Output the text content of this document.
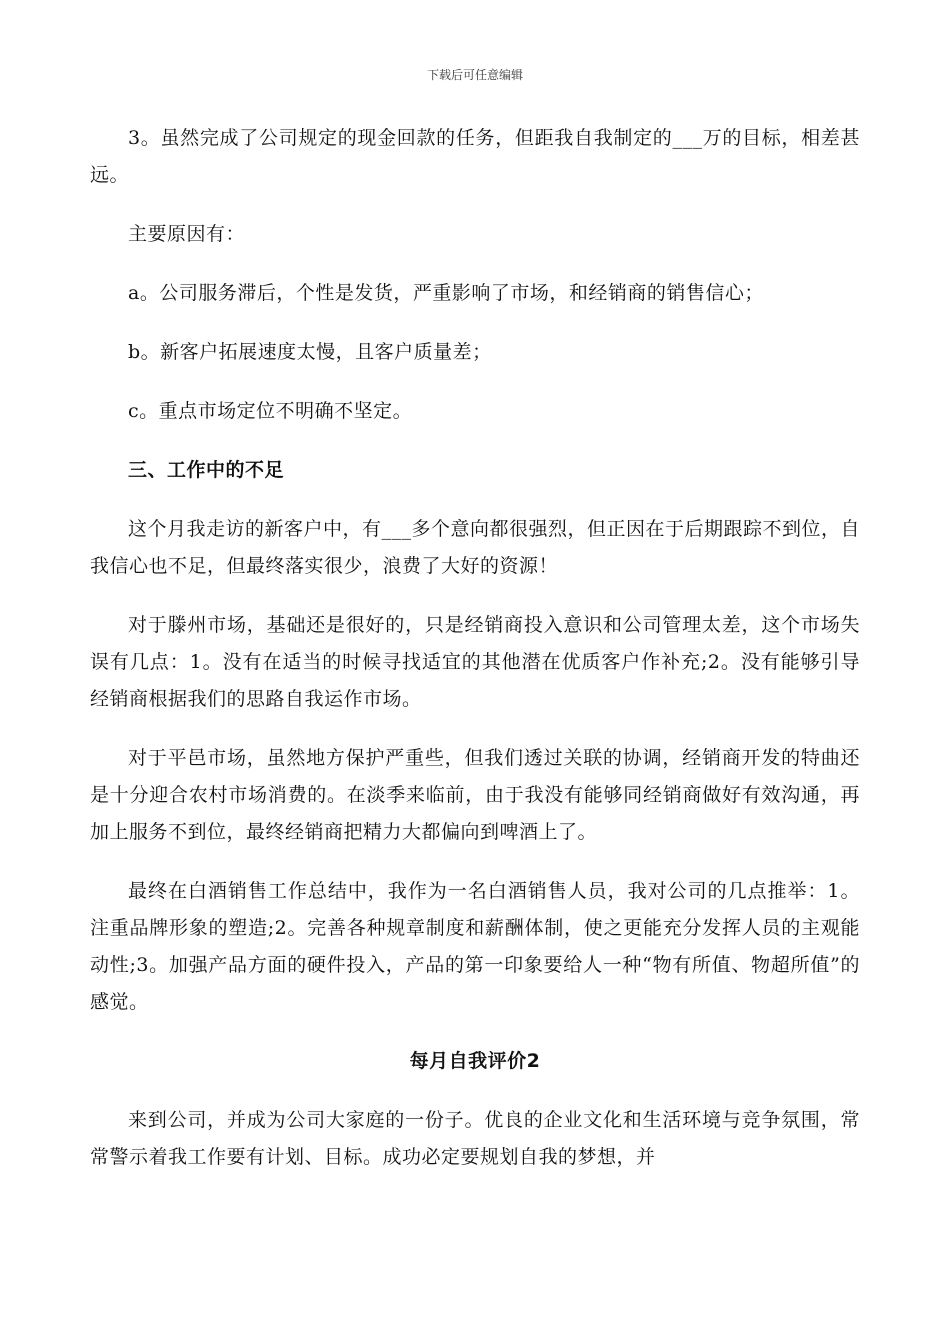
下载后可任意编辑

3。虽然完成了公司规定的现金回款的任务，但距我自我制定的___万的目标，相差甚远。

主要原因有：

a。公司服务滞后，个性是发货，严重影响了市场，和经销商的销售信心；

b。新客户拓展速度太慢，且客户质量差；

c。重点市场定位不明确不坚定。

三、工作中的不足

这个月我走访的新客户中，有___多个意向都很强烈，但正因在于后期跟踪不到位，自我信心也不足，但最终落实很少，浪费了大好的资源！

对于滕州市场，基础还是很好的，只是经销商投入意识和公司管理太差，这个市场失误有几点：1。没有在适当的时候寻找适宜的其他潜在优质客户作补充;2。没有能够引导经销商根据我们的思路自我运作市场。

对于平邑市场，虽然地方保护严重些，但我们透过关联的协调，经销商开发的特曲还是十分迎合农村市场消费的。在淡季来临前，由于我没有能够同经销商做好有效沟通，再加上服务不到位，最终经销商把精力大都偏向到啤酒上了。

最终在白酒销售工作总结中，我作为一名白酒销售人员，我对公司的几点推举：1。注重品牌形象的塑造;2。完善各种规章制度和薪酬体制，使之更能充分发挥人员的主观能动性;3。加强产品方面的硬件投入，产品的第一印象要给人一种“物有所值、物超所值”的感觉。

每月自我评价2

来到公司，并成为公司大家庭的一份子。优良的企业文化和生活环境与竞争氛围，常常警示着我工作要有计划、目标。成功必定要规划自我的梦想，并
